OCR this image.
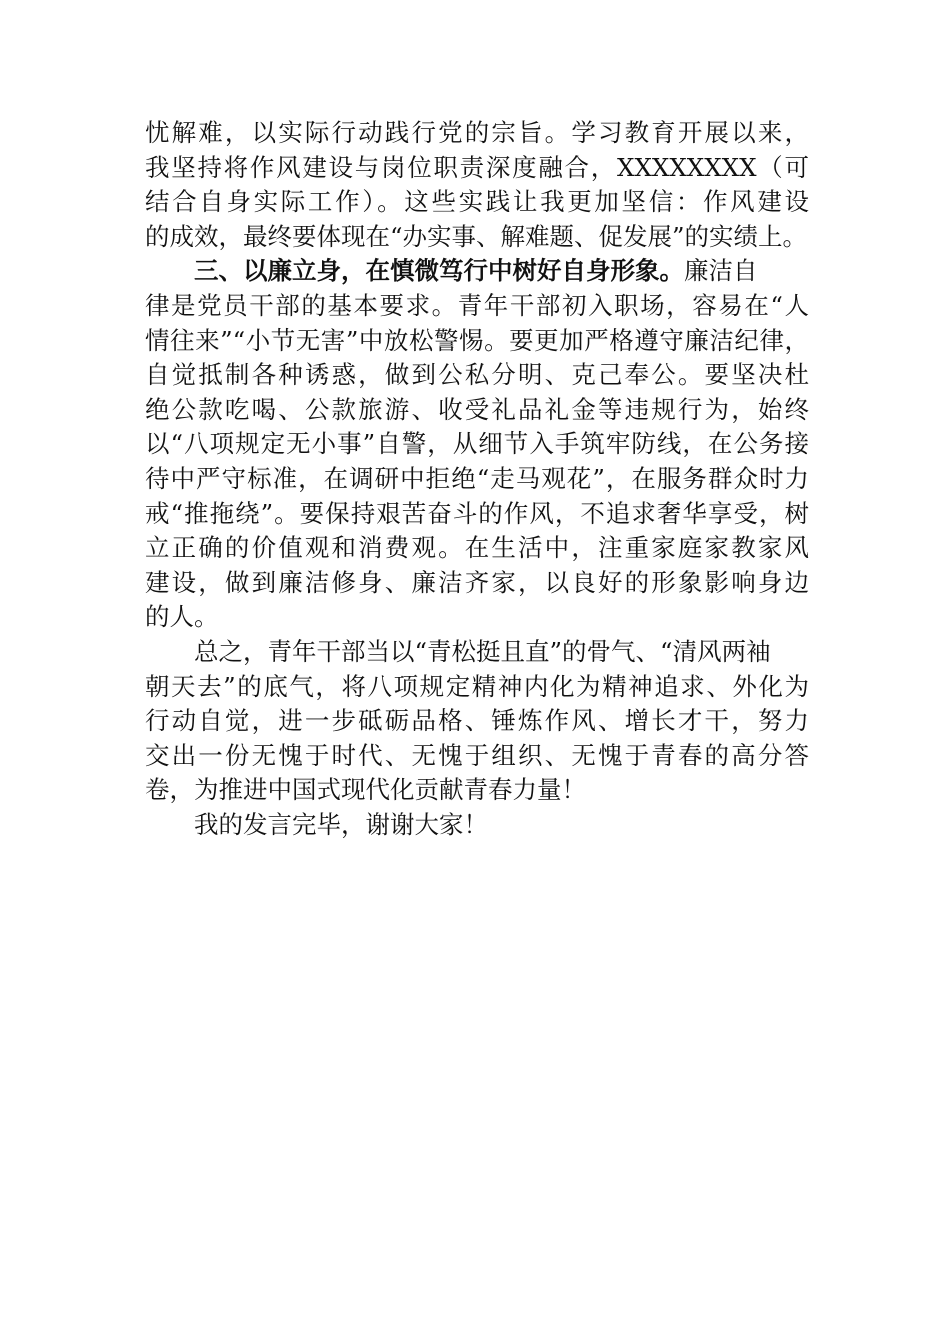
忧解难，以实际行动践行党的宗旨。学习教育开展以来，
我坚持将作风建设与岗位职责深度融合，XXXXXXXX（可
结合自身实际工作）。这些实践让我更加坚信：作风建设
的成效，最终要体现在“办实事、解难题、促发展”的实绩上。
三、以廉立身，在慎微笃行中树好自身形象。廉洁自
律是党员干部的基本要求。青年干部初入职场，容易在“人
情往来”“小节无害”中放松警惕。要更加严格遵守廉洁纪律，
自觉抵制各种诱惑，做到公私分明、克己奉公。要坚决杜
绝公款吃喝、公款旅游、收受礼品礼金等违规行为，始终
以“八项规定无小事”自警，从细节入手筑牢防线，在公务接
待中严守标准，在调研中拒绝“走马观花”，在服务群众时力
戒“推拖绕”。要保持艰苦奋斗的作风，不追求奢华享受，树
立正确的价值观和消费观。在生活中，注重家庭家教家风
建设，做到廉洁修身、廉洁齐家，以良好的形象影响身边
的人。
总之，青年干部当以“青松挺且直”的骨气、“清风两袖
朝天去”的底气，将八项规定精神内化为精神追求、外化为
行动自觉，进一步砥砺品格、锤炼作风、增长才干，努力
交出一份无愧于时代、无愧于组织、无愧于青春的高分答
卷，为推进中国式现代化贡献青春力量！
我的发言完毕，谢谢大家！
